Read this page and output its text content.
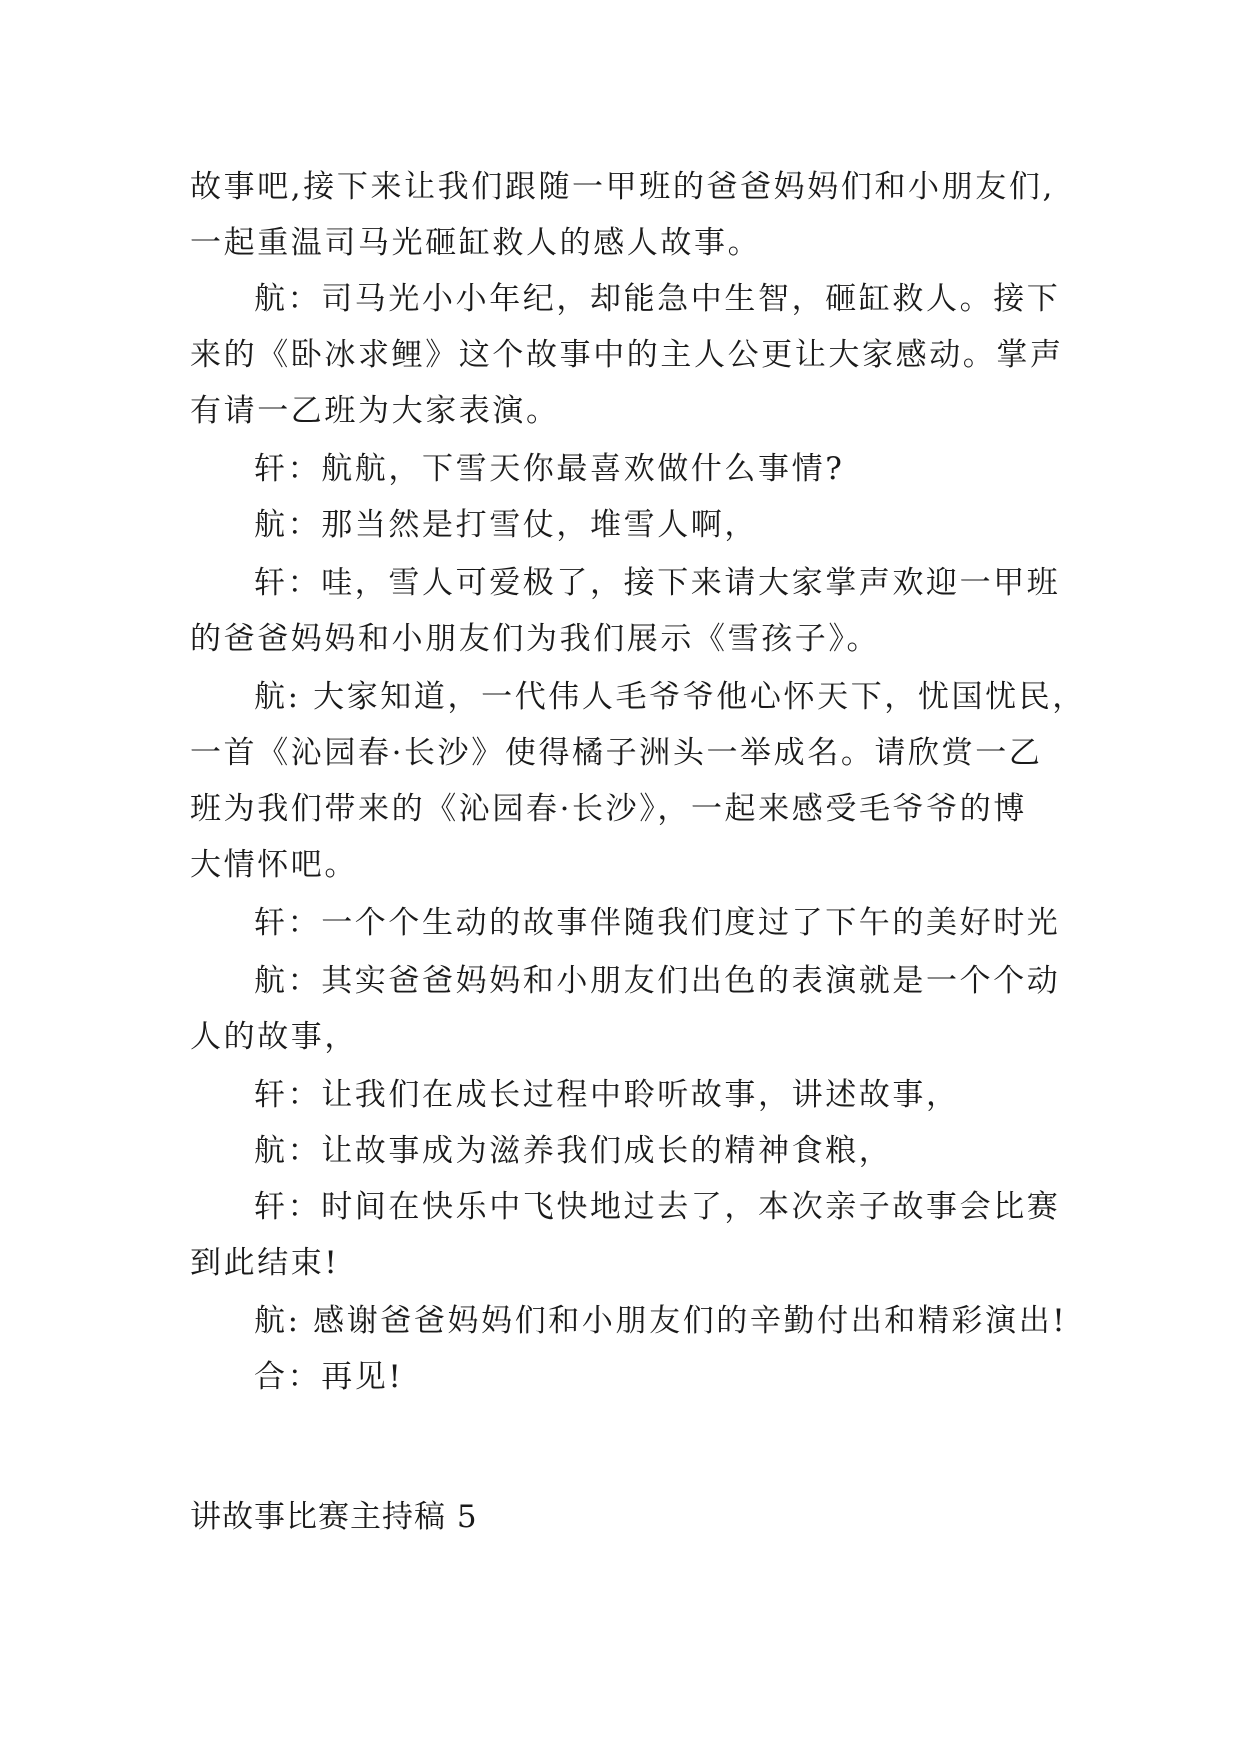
故事吧,接下来让我们跟随一甲班的爸爸妈妈们和小朋友们,
一起重温司马光砸缸救人的感人故事。
航：司马光小小年纪，却能急中生智，砸缸救人。接下
来的《卧冰求鲤》这个故事中的主人公更让大家感动。掌声
有请一乙班为大家表演。
轩：航航，下雪天你最喜欢做什么事情?
航：那当然是打雪仗，堆雪人啊，
轩：哇，雪人可爱极了，接下来请大家掌声欢迎一甲班
的爸爸妈妈和小朋友们为我们展示《雪孩子》。
航: 大家知道，一代伟人毛爷爷他心怀天下，忧国忧民，
一首《沁园春·长沙》使得橘子洲头一举成名。请欣赏一乙
班为我们带来的《沁园春·长沙》，一起来感受毛爷爷的博
大情怀吧。
轩：一个个生动的故事伴随我们度过了下午的美好时光
航：其实爸爸妈妈和小朋友们出色的表演就是一个个动
人的故事，
轩：让我们在成长过程中聆听故事，讲述故事，
航：让故事成为滋养我们成长的精神食粮，
轩：时间在快乐中飞快地过去了，本次亲子故事会比赛
到此结束!
航: 感谢爸爸妈妈们和小朋友们的辛勤付出和精彩演出!
合：再见!
讲故事比赛主持稿 5
